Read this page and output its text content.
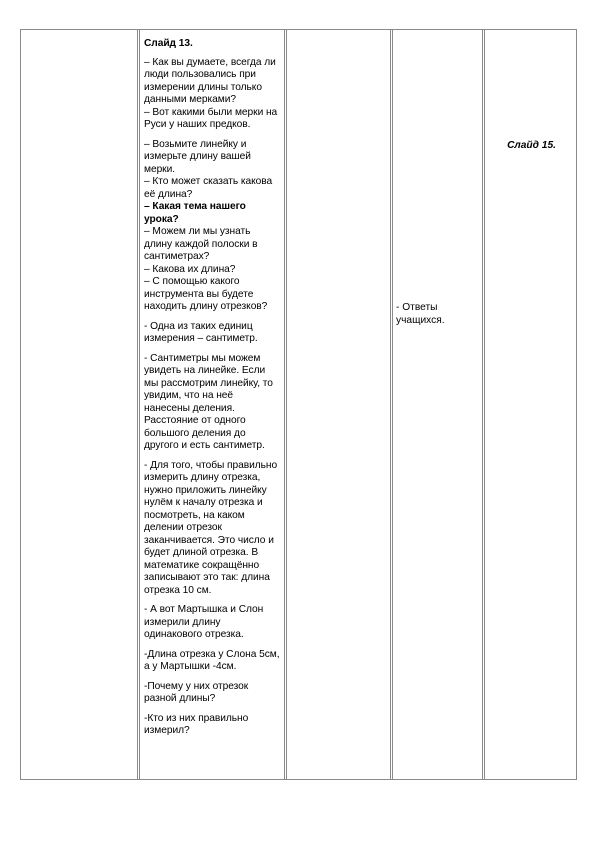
Слайд 13.
– Как вы думаете, всегда ли люди пользовались при измерении длины только данными мерками?
– Вот какими были мерки на Руси у наших предков.
– Возьмите линейку и измерьте длину вашей мерки.
– Кто может сказать какова её длина?
– Какая тема нашего урока?
– Можем ли мы узнать длину каждой полоски в сантиметрах?
– Какова их длина?
– С помощью какого инструмента вы будете находить длину отрезков?
- Одна из таких единиц измерения – сантиметр.
- Сантиметры мы можем увидеть на линейке. Если мы рассмотрим линейку, то увидим, что на неё нанесены деления. Расстояние от одного большого деления до другого и есть сантиметр.
- Для того, чтобы правильно измерить длину отрезка, нужно приложить линейку нулём к началу отрезка и посмотреть, на каком делении отрезок заканчивается. Это число и будет длиной отрезка. В математике сокращённо записывают это так: длина отрезка 10 см.
- А вот Мартышка и Слон измерили длину одинакового отрезка.
-Длина отрезка у Слона 5см, а у Мартышки -4см.
-Почему у них отрезок разной длины?
-Кто из них правильно измерил?
- Ответы учащихся.
Слайд 15.
